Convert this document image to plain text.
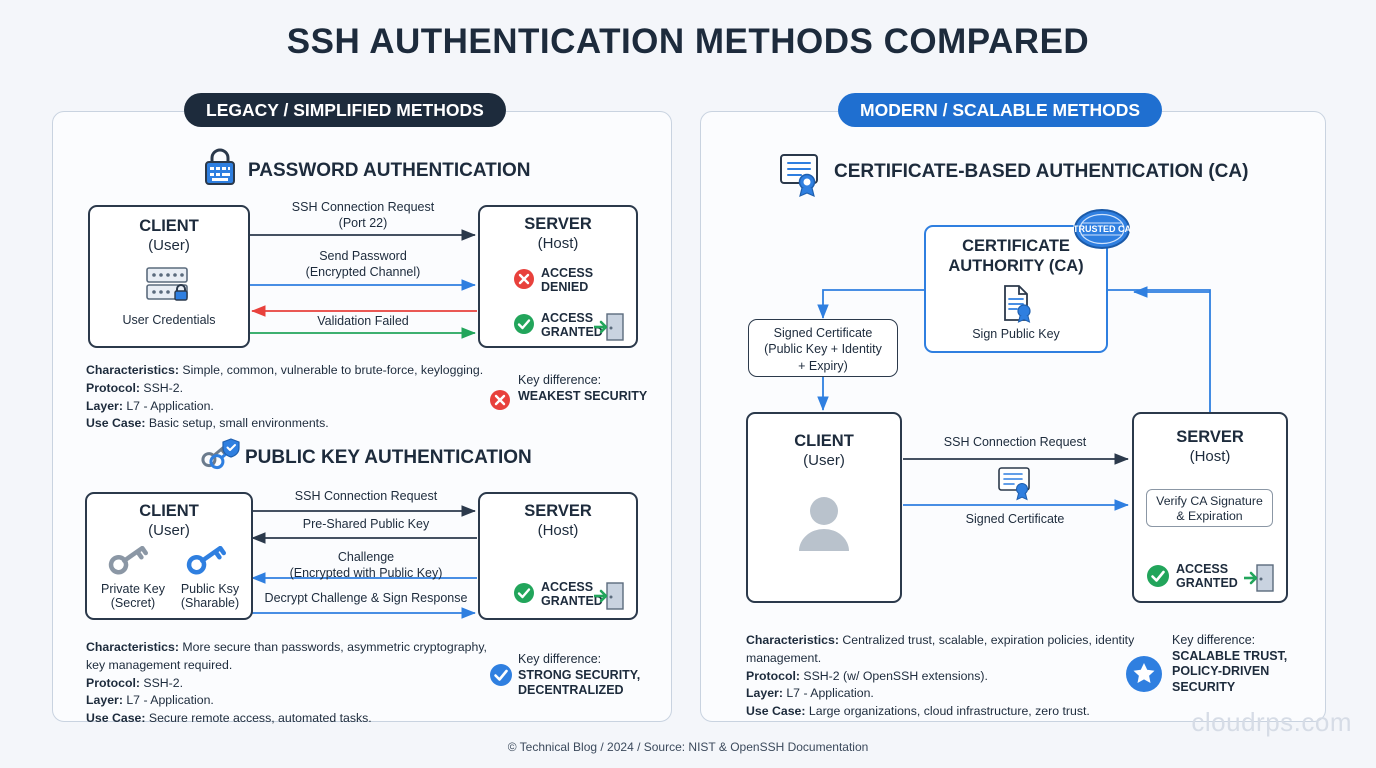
SSH AUTHENTICATION METHODS COMPARED
LEGACY / SIMPLIFIED METHODS	MODERN / SCALABLE METHODS
PASSWORD AUTHENTICATION
CLIENT
(User)
User Credentials
SERVER
(Host)
ACCESS
DENIED
ACCESS
GRANTED
SSH Connection Request
(Port 22)
Send Password
(Encrypted Channel)
Validation Failed
Characteristics: Simple, common, vulnerable to brute-force, keylogging.
Protocol: SSH-2.
Layer: L7 - Application.
Use Case: Basic setup, small environments.
Key difference:
WEAKEST SECURITY
PUBLIC KEY AUTHENTICATION
CLIENT
(User)
Private Key
(Secret)
Public Ksy
(Sharable)
SERVER
(Host)
ACCESS
GRANTED
SSH Connection Request
Pre-Shared Public Key
Challenge
(Encrypted with Public Key)
Decrypt Challenge & Sign Response
Characteristics: More secure than passwords, asymmetric cryptography, key management required.
Protocol: SSH-2.
Layer: L7 - Application.
Use Case: Secure remote access, automated tasks.
Key difference:
STRONG SECURITY,
DECENTRALIZED
CERTIFICATE-BASED AUTHENTICATION (CA)
CERTIFICATE
AUTHORITY (CA)
Sign Public Key
TRUSTED CA
Signed Certificate
(Public Key + Identity
+ Expiry)
CLIENT
(User)
SERVER
(Host)
Verify CA Signature
& Expiration
ACCESS
GRANTED
SSH Connection Request
Signed Certificate
Characteristics: Centralized trust, scalable, expiration policies, identity management.
Protocol: SSH-2 (w/ OpenSSH extensions).
Layer: L7 - Application.
Use Case: Large organizations, cloud infrastructure, zero trust.
Key difference:
SCALABLE TRUST,
POLICY-DRIVEN
SECURITY
© Technical Blog / 2024 / Source: NIST & OpenSSH Documentation
cloudrps.com
